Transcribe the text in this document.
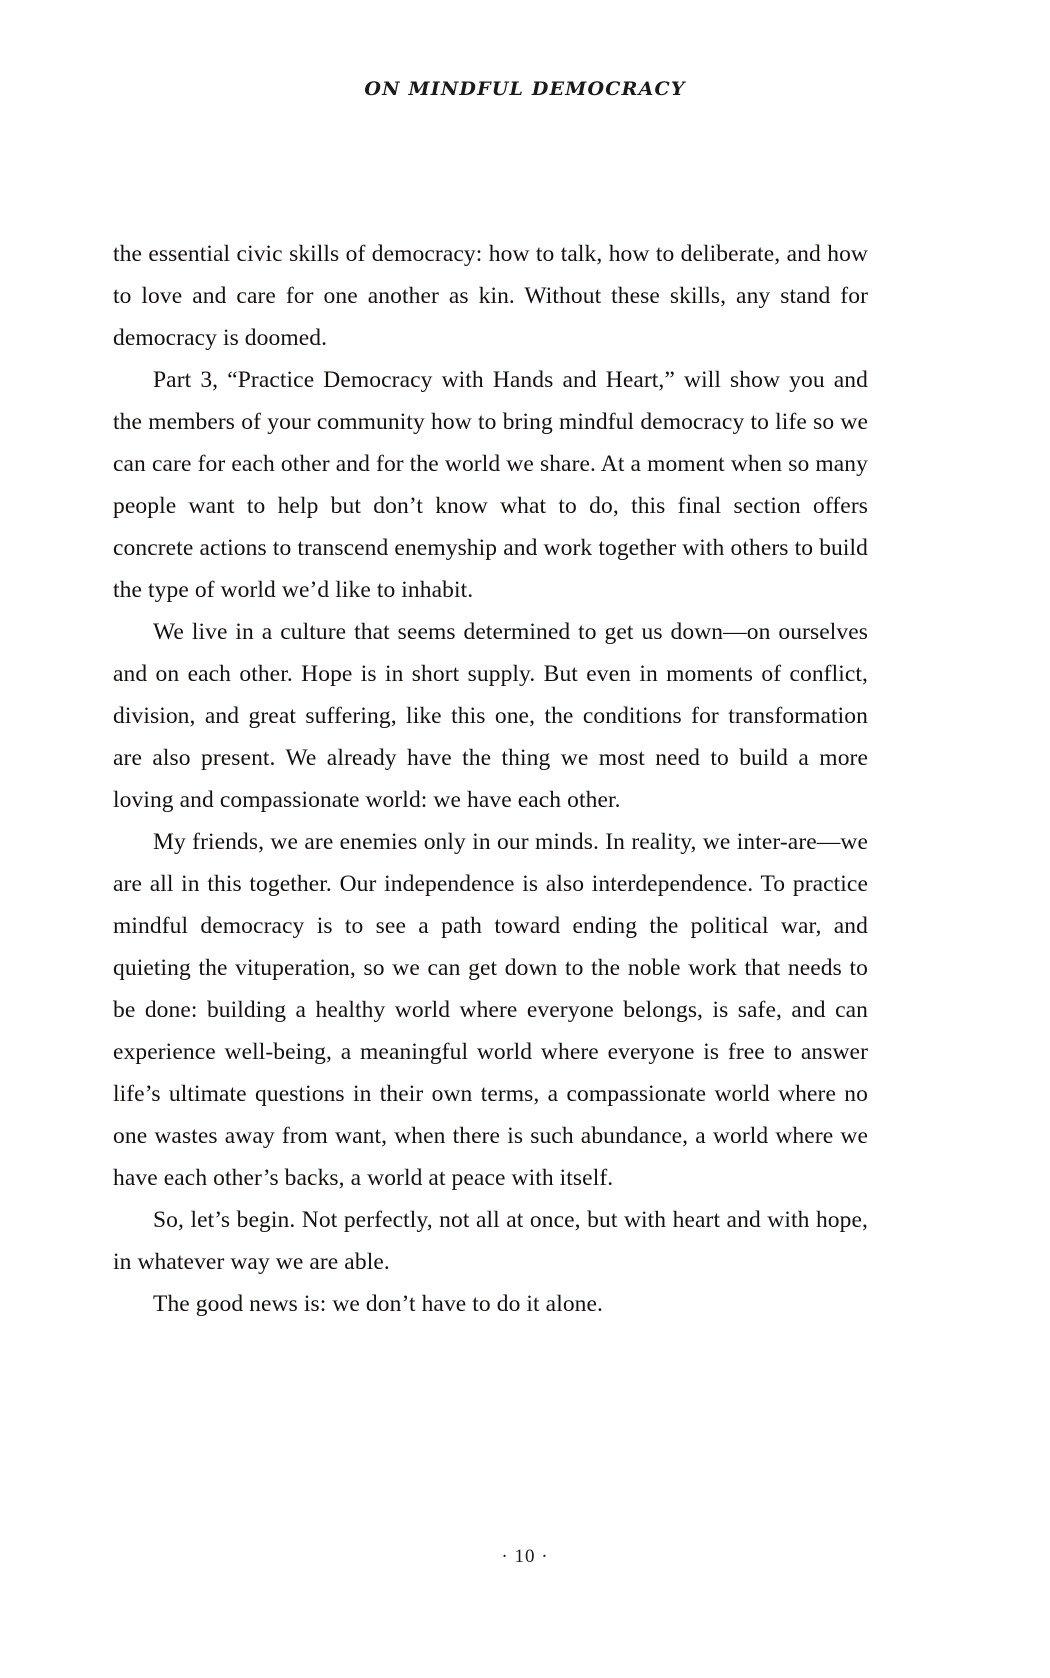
ON MINDFUL DEMOCRACY

the essential civic skills of democracy: how to talk, how to deliberate, and how to love and care for one another as kin. Without these skills, any stand for democracy is doomed.

Part 3, “Practice Democracy with Hands and Heart,” will show you and the members of your community how to bring mindful democracy to life so we can care for each other and for the world we share. At a moment when so many people want to help but don’t know what to do, this final section offers concrete actions to transcend enemyship and work together with others to build the type of world we’d like to inhabit.

We live in a culture that seems determined to get us down—on ourselves and on each other. Hope is in short supply. But even in moments of conflict, division, and great suffering, like this one, the conditions for transformation are also present. We already have the thing we most need to build a more loving and compassionate world: we have each other.

My friends, we are enemies only in our minds. In reality, we inter-are—we are all in this together. Our independence is also interdependence. To practice mindful democracy is to see a path toward ending the political war, and quieting the vituperation, so we can get down to the noble work that needs to be done: building a healthy world where everyone belongs, is safe, and can experience well-being, a meaningful world where everyone is free to answer life’s ultimate questions in their own terms, a compassionate world where no one wastes away from want, when there is such abundance, a world where we have each other’s backs, a world at peace with itself.

So, let’s begin. Not perfectly, not all at once, but with heart and with hope, in whatever way we are able.

The good news is: we don’t have to do it alone.

· 10 ·
